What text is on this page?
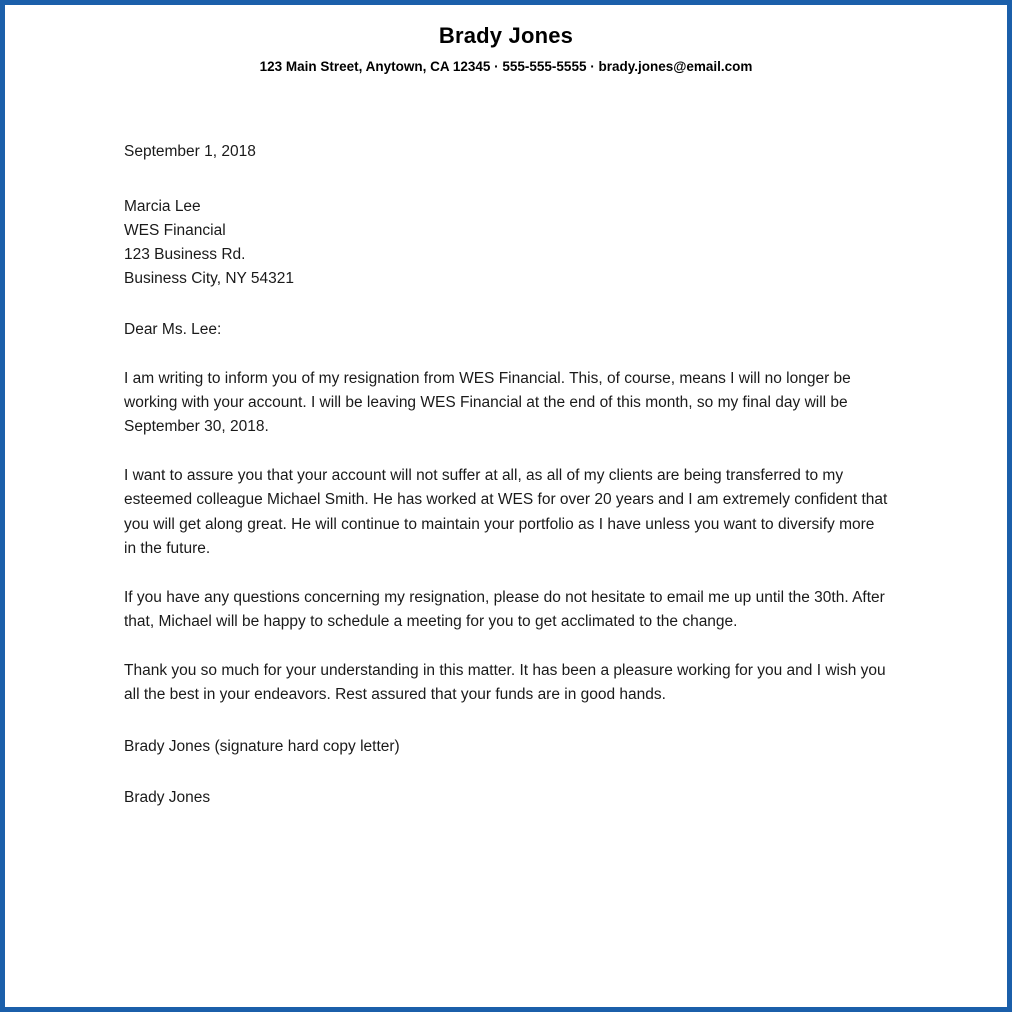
Brady Jones
123 Main Street, Anytown, CA 12345 · 555-555-5555 · brady.jones@email.com
September 1, 2018
Marcia Lee
WES Financial
123 Business Rd.
Business City, NY 54321
Dear Ms. Lee:
I am writing to inform you of my resignation from WES Financial. This, of course, means I will no longer be working with your account. I will be leaving WES Financial at the end of this month, so my final day will be September 30, 2018.
I want to assure you that your account will not suffer at all, as all of my clients are being transferred to my esteemed colleague Michael Smith. He has worked at WES for over 20 years and I am extremely confident that you will get along great. He will continue to maintain your portfolio as I have unless you want to diversify more in the future.
If you have any questions concerning my resignation, please do not hesitate to email me up until the 30th. After that, Michael will be happy to schedule a meeting for you to get acclimated to the change.
Thank you so much for your understanding in this matter. It has been a pleasure working for you and I wish you all the best in your endeavors. Rest assured that your funds are in good hands.
Brady Jones (signature hard copy letter)
Brady Jones
